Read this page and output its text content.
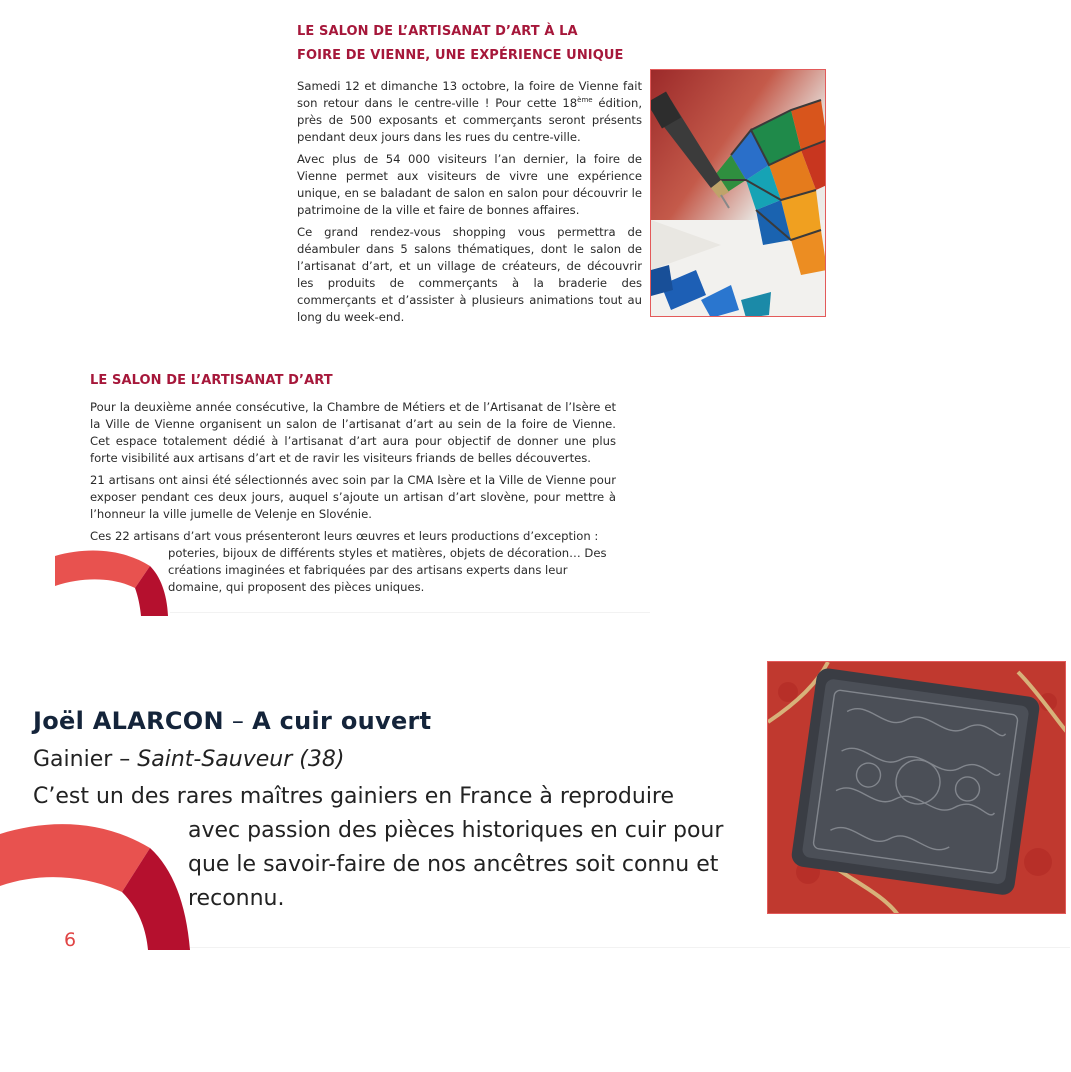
LE SALON DE L’ARTISANAT D’ART À LA
FOIRE DE VIENNE, UNE EXPÉRIENCE UNIQUE

Samedi 12 et dimanche 13 octobre, la foire de Vienne fait son retour dans le centre-ville ! Pour cette 18ème édition, près de 500 exposants et commerçants seront présents pendant deux jours dans les rues du centre-ville.

Avec plus de 54 000 visiteurs l’an dernier, la foire de Vienne permet aux visiteurs de vivre une expérience unique, en se baladant de salon en salon pour découvrir le patrimoine de la ville et faire de bonnes affaires.

Ce grand rendez-vous shopping vous permettra de déambuler dans 5 salons thématiques, dont le salon de l’artisanat d’art, et un village de créateurs, de découvrir les produits de commerçants à la braderie des commerçants et d’assister à plusieurs animations tout au long du week-end.

LE SALON DE L’ARTISANAT D’ART

Pour la deuxième année consécutive, la Chambre de Métiers et de l’Artisanat de l’Isère et la Ville de Vienne organisent un salon de l’artisanat d’art au sein de la foire de Vienne. Cet espace totalement dédié à l’artisanat d’art aura pour objectif de donner une plus forte visibilité aux artisans d’art et de ravir les visiteurs friands de belles découvertes.

21 artisans ont ainsi été sélectionnés avec soin par la CMA Isère et la Ville de Vienne pour exposer pendant ces deux jours, auquel s’ajoute un artisan d’art slovène, pour mettre à l’honneur la ville jumelle de Velenje en Slovénie.

Ces 22 artisans d’art vous présenteront leurs œuvres et leurs productions d’exception :

poteries, bijoux de différents styles et matières, objets de décoration… Des créations imaginées et fabriquées par des artisans experts dans leur domaine, qui proposent des pièces uniques.

Joël ALARCON – A cuir ouvert
Gainier – Saint-Sauveur (38)
C’est un des rares maîtres gainiers en France à reproduire
avec passion des pièces historiques en cuir pour que le savoir-faire de nos ancêtres soit connu et reconnu.
6
